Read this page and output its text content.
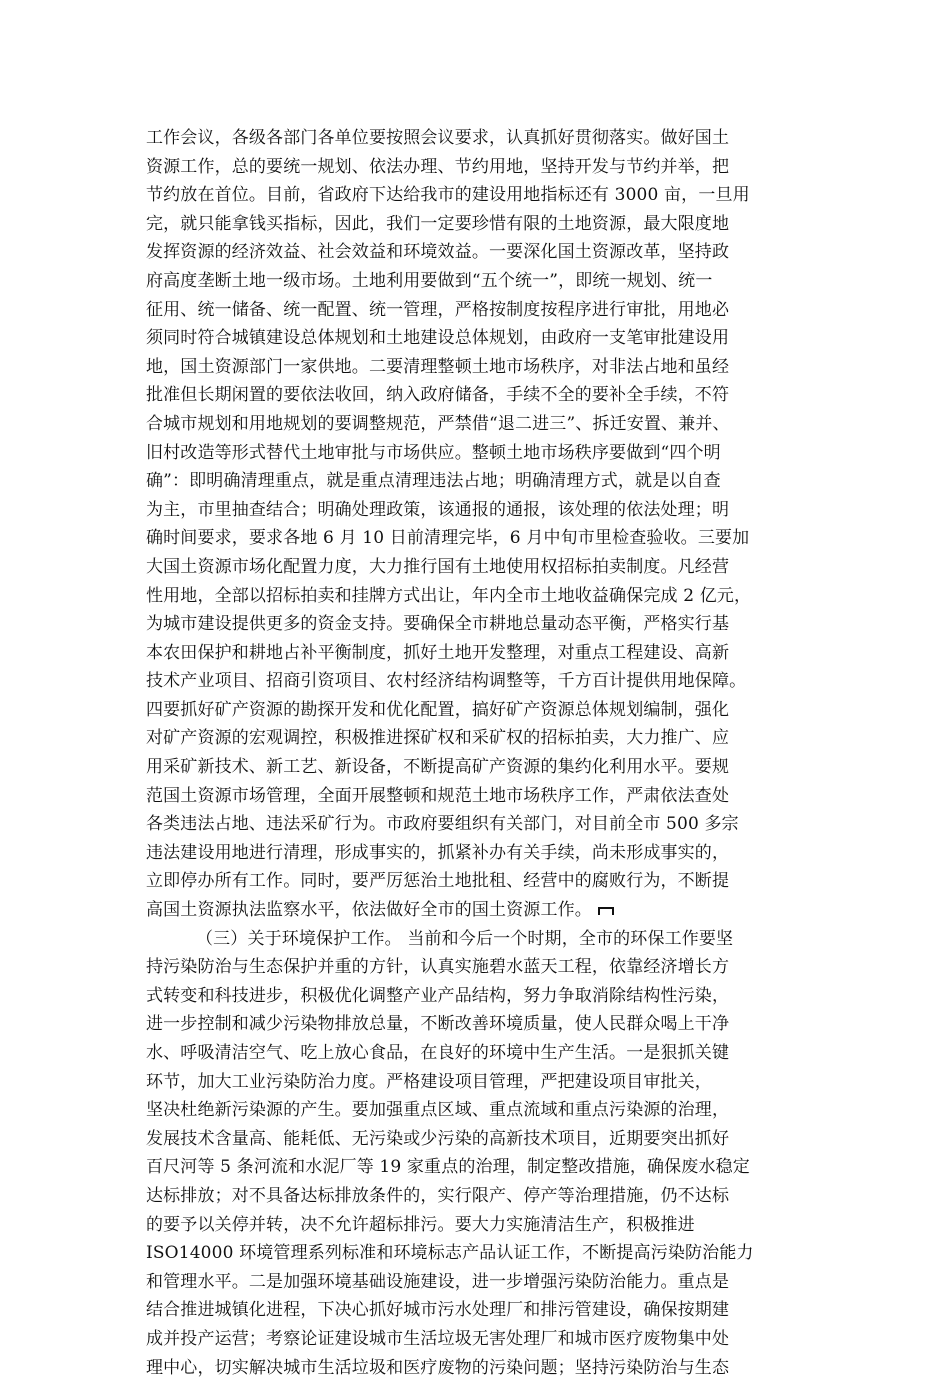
工作会议，各级各部门各单位要按照会议要求，认真抓好贯彻落实。做好国土
资源工作，总的要统一规划、依法办理、节约用地，坚持开发与节约并举，把
节约放在首位。目前，省政府下达给我市的建设用地指标还有 3000 亩，一旦用
完，就只能拿钱买指标，因此，我们一定要珍惜有限的土地资源，最大限度地
发挥资源的经济效益、社会效益和环境效益。一要深化国土资源改革，坚持政
府高度垄断土地一级市场。土地利用要做到“五个统一”，即统一规划、统一
征用、统一储备、统一配置、统一管理，严格按制度按程序进行审批，用地必
须同时符合城镇建设总体规划和土地建设总体规划，由政府一支笔审批建设用
地，国土资源部门一家供地。二要清理整顿土地市场秩序，对非法占地和虽经
批准但长期闲置的要依法收回，纳入政府储备，手续不全的要补全手续，不符
合城市规划和用地规划的要调整规范，严禁借“退二进三”、拆迁安置、兼并、
旧村改造等形式替代土地审批与市场供应。整顿土地市场秩序要做到“四个明
确”：即明确清理重点，就是重点清理违法占地；明确清理方式，就是以自查
为主，市里抽查结合；明确处理政策，该通报的通报，该处理的依法处理；明
确时间要求，要求各地 6 月 10 日前清理完毕，6 月中旬市里检查验收。三要加
大国土资源市场化配置力度，大力推行国有土地使用权招标拍卖制度。凡经营
性用地，全部以招标拍卖和挂牌方式出让，年内全市土地收益确保完成 2 亿元，
为城市建设提供更多的资金支持。要确保全市耕地总量动态平衡，严格实行基
本农田保护和耕地占补平衡制度，抓好土地开发整理，对重点工程建设、高新
技术产业项目、招商引资项目、农村经济结构调整等，千方百计提供用地保障。
四要抓好矿产资源的勘探开发和优化配置，搞好矿产资源总体规划编制，强化
对矿产资源的宏观调控，积极推进探矿权和采矿权的招标拍卖，大力推广、应
用采矿新技术、新工艺、新设备，不断提高矿产资源的集约化利用水平。要规
范国土资源市场管理，全面开展整顿和规范土地市场秩序工作，严肃依法查处
各类违法占地、违法采矿行为。市政府要组织有关部门，对目前全市 500 多宗
违法建设用地进行清理，形成事实的，抓紧补办有关手续，尚未形成事实的，
立即停办所有工作。同时，要严厉惩治土地批租、经营中的腐败行为，不断提
高国土资源执法监察水平，依法做好全市的国土资源工作。
（三）关于环境保护工作。 当前和今后一个时期，全市的环保工作要坚
持污染防治与生态保护并重的方针，认真实施碧水蓝天工程，依靠经济增长方
式转变和科技进步，积极优化调整产业产品结构，努力争取消除结构性污染，
进一步控制和减少污染物排放总量，不断改善环境质量，使人民群众喝上干净
水、呼吸清洁空气、吃上放心食品，在良好的环境中生产生活。一是狠抓关键
环节，加大工业污染防治力度。严格建设项目管理，严把建设项目审批关，
坚决杜绝新污染源的产生。要加强重点区域、重点流域和重点污染源的治理，
发展技术含量高、能耗低、无污染或少污染的高新技术项目，近期要突出抓好
百尺河等 5 条河流和水泥厂等 19 家重点的治理，制定整改措施，确保废水稳定
达标排放；对不具备达标排放条件的，实行限产、停产等治理措施，仍不达标
的要予以关停并转，决不允许超标排污。要大力实施清洁生产，积极推进
ISO14000 环境管理系列标准和环境标志产品认证工作，不断提高污染防治能力
和管理水平。二是加强环境基础设施建设，进一步增强污染防治能力。重点是
结合推进城镇化进程，下决心抓好城市污水处理厂和排污管建设，确保按期建
成并投产运营；考察论证建设城市生活垃圾无害处理厂和城市医疗废物集中处
理中心，切实解决城市生活垃圾和医疗废物的污染问题；坚持污染防治与生态
